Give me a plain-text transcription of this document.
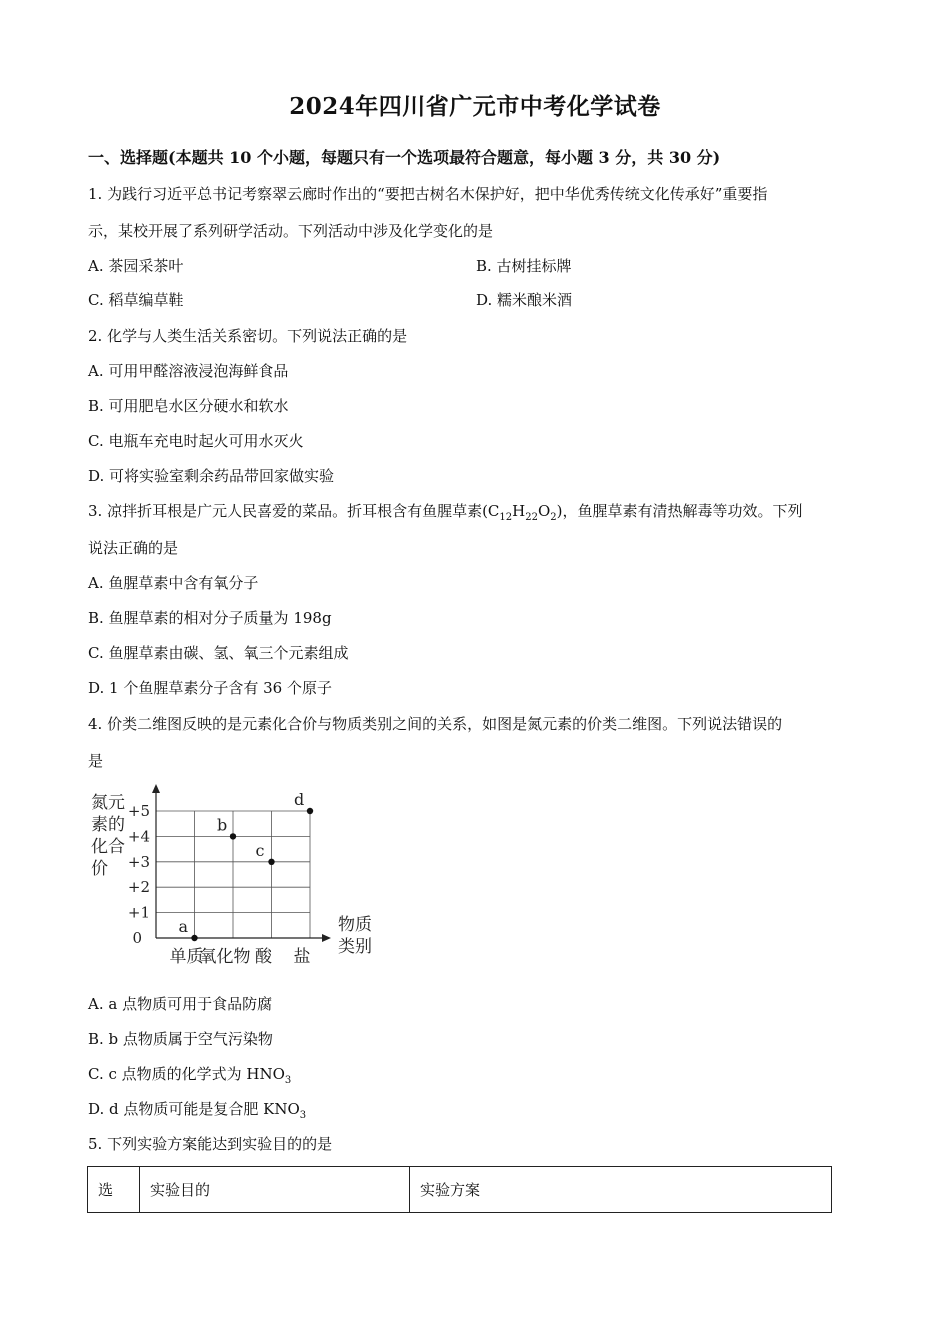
2024年四川省广元市中考化学试卷
一、选择题(本题共 10 个小题，每题只有一个选项最符合题意，每小题 3 分，共 30 分)
1. 为践行习近平总书记考察翠云廊时作出的“要把古树名木保护好，把中华优秀传统文化传承好”重要指
示，某校开展了系列研学活动。下列活动中涉及化学变化的是
A. 茶园采茶叶	B. 古树挂标牌
C. 稻草编草鞋	D. 糯米酿米酒
2. 化学与人类生活关系密切。下列说法正确的是
A. 可用甲醛溶液浸泡海鲜食品
B. 可用肥皂水区分硬水和软水
C. 电瓶车充电时起火可用水灭火
D. 可将实验室剩余药品带回家做实验
3. 凉拌折耳根是广元人民喜爱的菜品。折耳根含有鱼腥草素$(C_{12}H_{22}O_2)$，鱼腥草素有清热解毒等功效。下列
说法正确的是
A. 鱼腥草素中含有氧分子
B. 鱼腥草素的相对分子质量为 198g
C. 鱼腥草素由碳、氢、氧三个元素组成
D. 1 个鱼腥草素分子含有 36 个原子
4. 价类二维图反映的是元素化合价与物质类别之间的关系，如图是氮元素的价类二维图。下列说法错误的
是
氮元
素的
化合
价
0
+1
+2
+3
+4
+5
单质
氧化物 酸 盐
物质
类别
a
b
c
d
A. a 点物质可用于食品防腐
B. b 点物质属于空气污染物
C. c 点物质的化学式为 $HNO_3$
D. d 点物质可能是复合肥 $KNO_3$
5. 下列实验方案能达到实验目的的是
选	实验目的	实验方案
